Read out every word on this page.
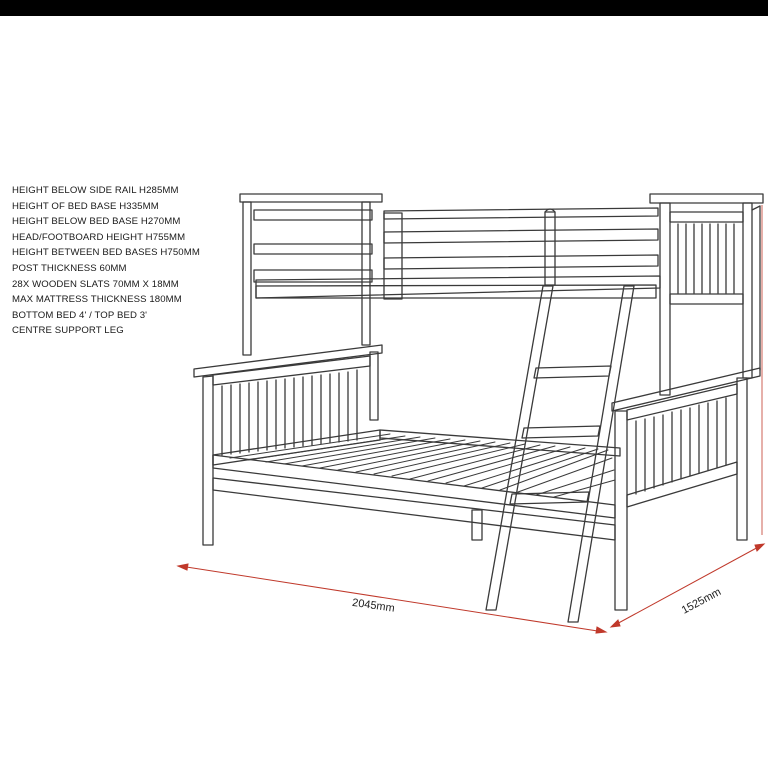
HEIGHT BELOW SIDE RAIL H285MM
HEIGHT OF BED BASE H335MM
HEIGHT BELOW BED BASE H270MM
HEAD/FOOTBOARD HEIGHT H755MM
HEIGHT BETWEEN BED BASES H750MM
POST THICKNESS 60MM
28X WOODEN SLATS 70MM X 18MM
MAX MATTRESS THICKNESS 180MM
BOTTOM BED 4' / TOP BED 3'
CENTRE SUPPORT LEG
2045mm	1525mm
